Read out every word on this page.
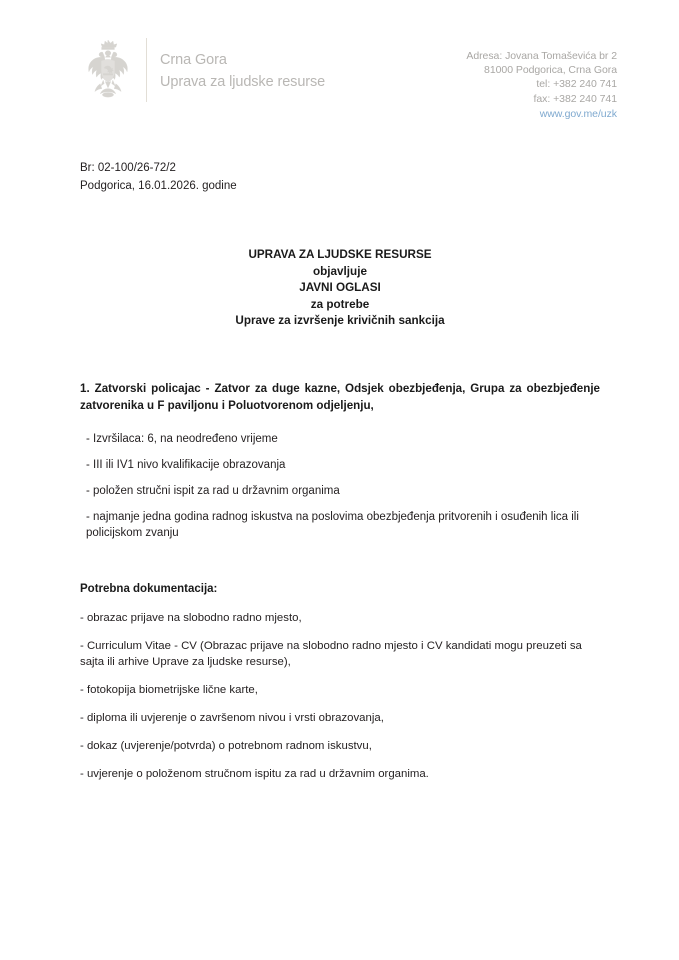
Crna Gora
Uprava za ljudske resurse
Adresa: Jovana Tomaševića br 2
81000 Podgorica, Crna Gora
tel: +382 240 741
fax: +382 240 741
www.gov.me/uzk
Br: 02-100/26-72/2
Podgorica, 16.01.2026. godine
UPRAVA ZA LJUDSKE RESURSE
objavljuje
JAVNI OGLASI
za potrebe
Uprave za izvršenje krivičnih sankcija
1. Zatvorski policajac - Zatvor za duge kazne, Odsjek obezbjeđenja, Grupa za obezbjeđenje zatvorenika u F paviljonu i Poluotvorenom odjeljenju,
- Izvršilaca: 6, na neodređeno vrijeme
- III ili IV1 nivo kvalifikacije obrazovanja
- položen stručni ispit za rad u državnim organima
- najmanje jedna godina radnog iskustva na poslovima obezbjeđenja pritvorenih i osuđenih lica ili policijskom zvanju
Potrebna dokumentacija:
- obrazac prijave na slobodno radno mjesto,
- Curriculum Vitae - CV (Obrazac prijave na slobodno radno mjesto i CV kandidati mogu preuzeti sa sajta ili arhive Uprave za ljudske resurse),
- fotokopija biometrijske lične karte,
- diploma ili uvjerenje o završenom nivou i vrsti obrazovanja,
- dokaz (uvjerenje/potvrda) o potrebnom radnom iskustvu,
- uvjerenje o položenom stručnom ispitu za rad u državnim organima.
